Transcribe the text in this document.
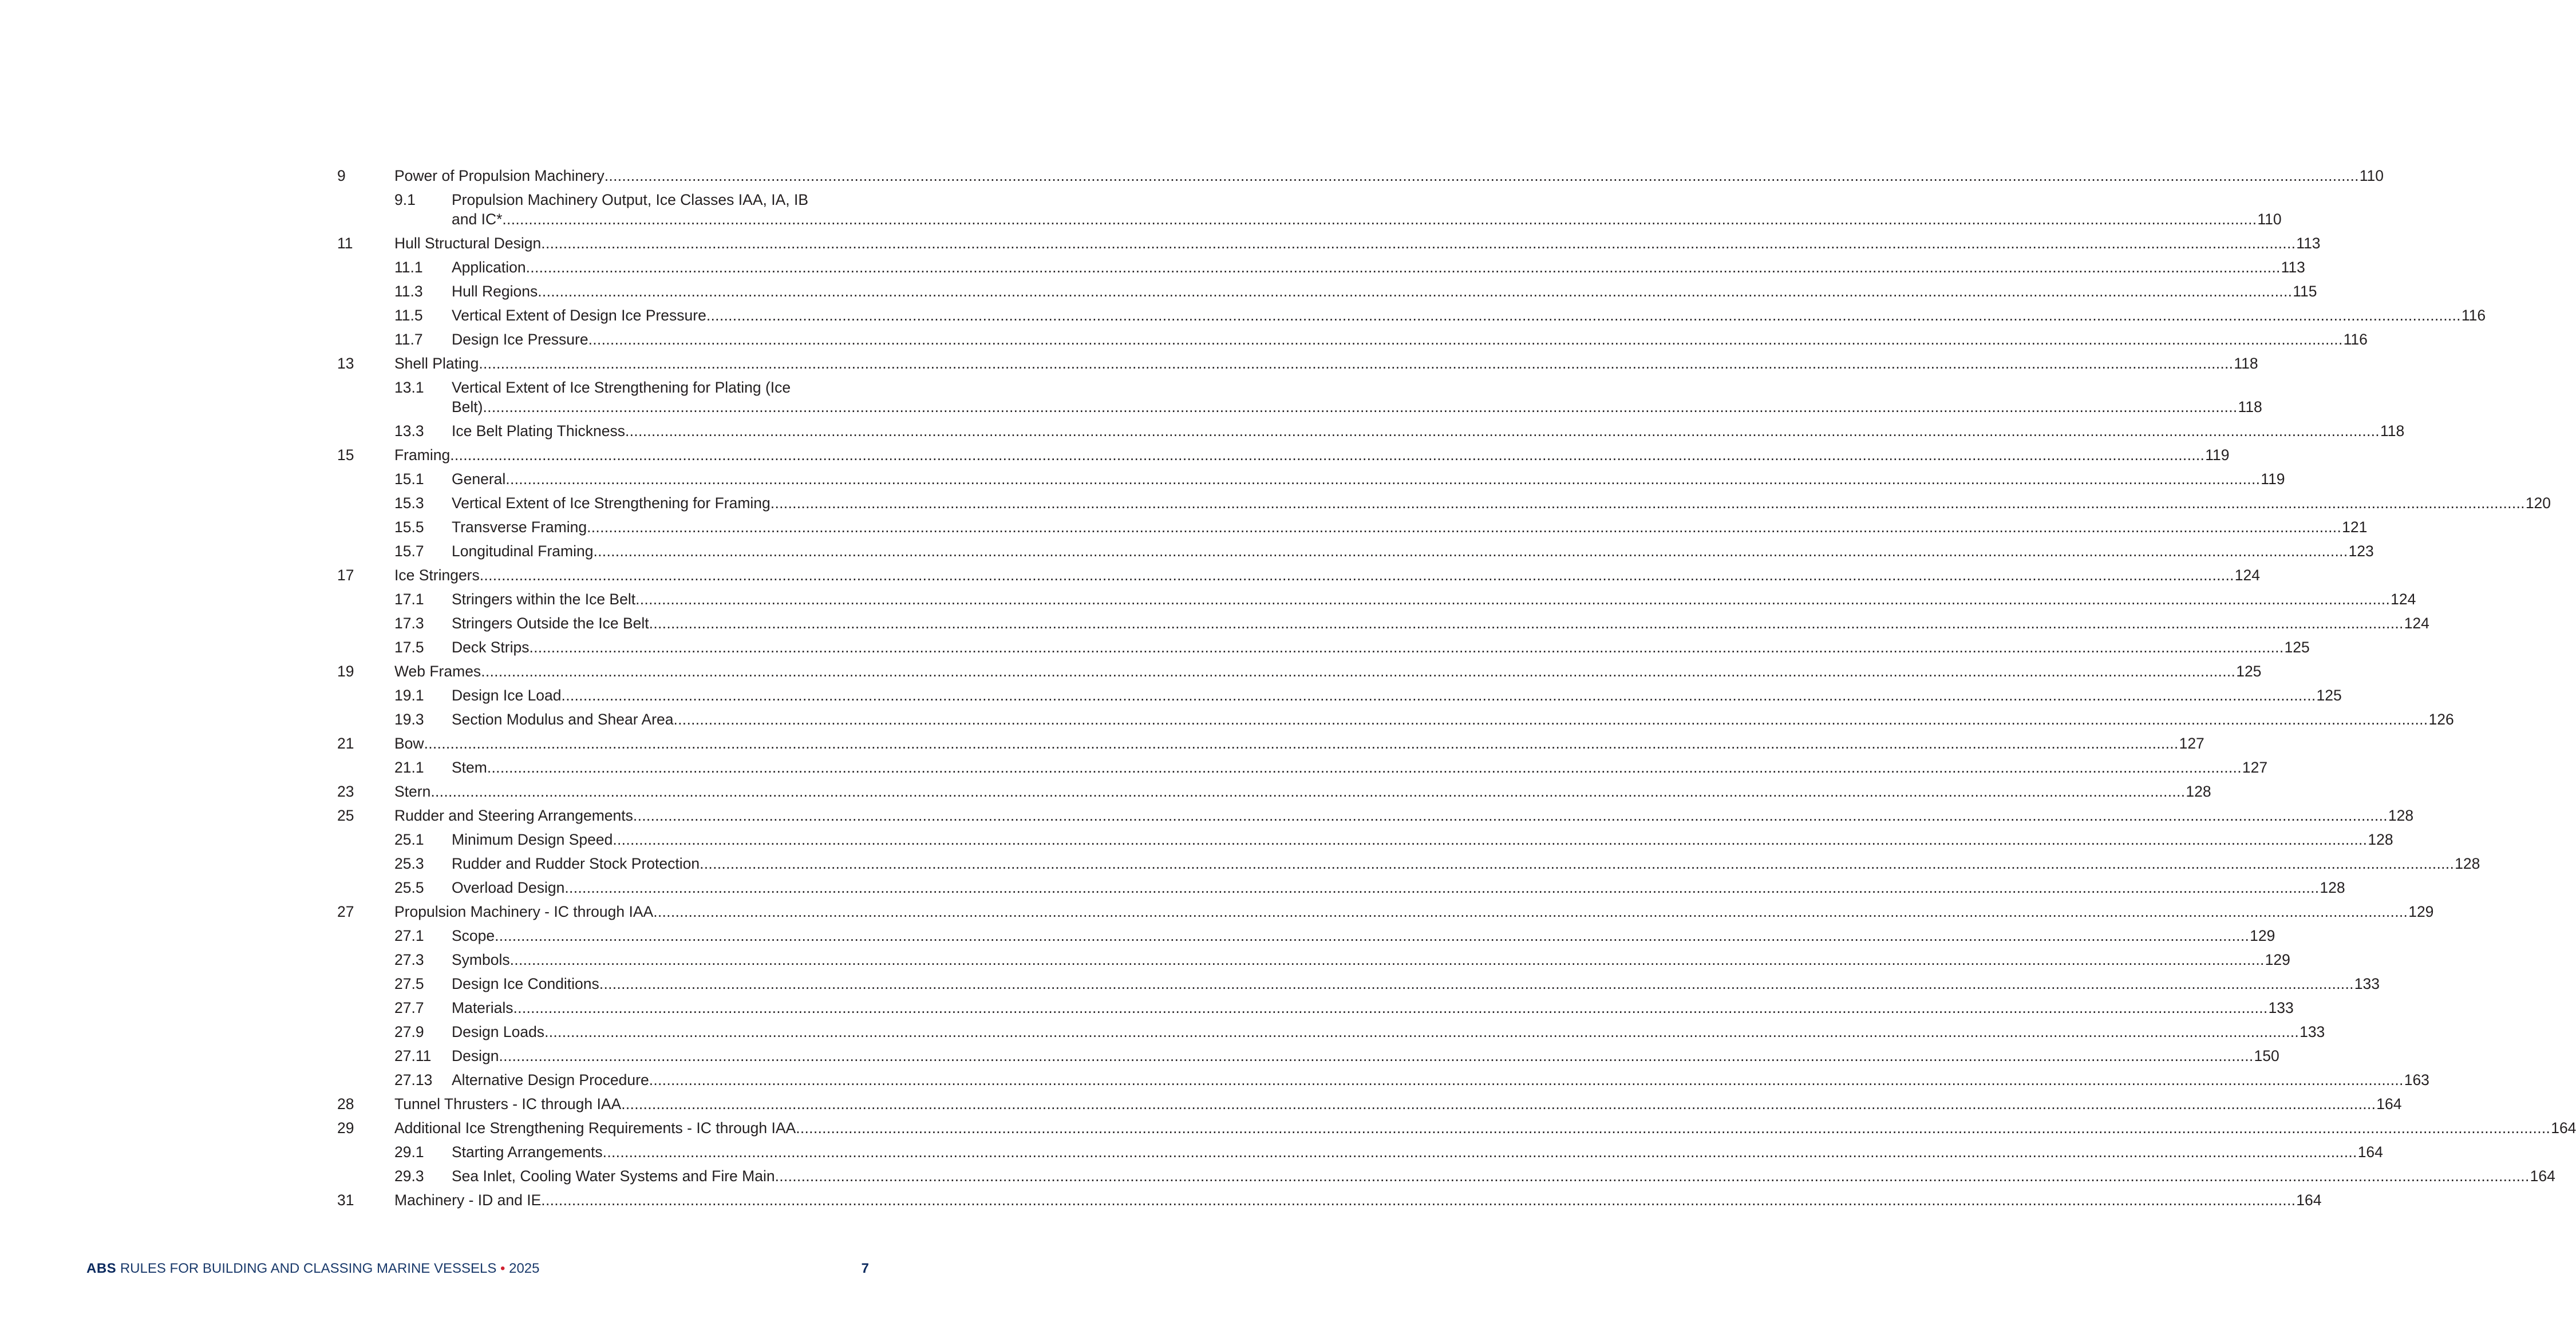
9	Power of Propulsion Machinery ................................................................................................................................................................................................................................................................................................................................................................................................................ 110
9.1 Propulsion Machinery Output, Ice Classes IAA, IA, IB
and IC* ................................................................................................................................................................................................................................................................................................................................................................................................................ 110
11	Hull Structural Design ................................................................................................................................................................................................................................................................................................................................................................................................................ 113
11.1 Application ................................................................................................................................................................................................................................................................................................................................................................................................................ 113
11.3 Hull Regions ................................................................................................................................................................................................................................................................................................................................................................................................................ 115
11.5 Vertical Extent of Design Ice Pressure ................................................................................................................................................................................................................................................................................................................................................................................................................ 116
11.7 Design Ice Pressure ................................................................................................................................................................................................................................................................................................................................................................................................................ 116
13	Shell Plating ................................................................................................................................................................................................................................................................................................................................................................................................................ 118
13.1 Vertical Extent of Ice Strengthening for Plating (Ice
Belt) ................................................................................................................................................................................................................................................................................................................................................................................................................ 118
13.3 Ice Belt Plating Thickness ................................................................................................................................................................................................................................................................................................................................................................................................................ 118
15	Framing ................................................................................................................................................................................................................................................................................................................................................................................................................ 119
15.1 General ................................................................................................................................................................................................................................................................................................................................................................................................................ 119
15.3 Vertical Extent of Ice Strengthening for Framing ................................................................................................................................................................................................................................................................................................................................................................................................................ 120
15.5 Transverse Framing ................................................................................................................................................................................................................................................................................................................................................................................................................ 121
15.7 Longitudinal Framing ................................................................................................................................................................................................................................................................................................................................................................................................................ 123
17	Ice Stringers ................................................................................................................................................................................................................................................................................................................................................................................................................ 124
17.1 Stringers within the Ice Belt ................................................................................................................................................................................................................................................................................................................................................................................................................ 124
17.3 Stringers Outside the Ice Belt ................................................................................................................................................................................................................................................................................................................................................................................................................ 124
17.5 Deck Strips ................................................................................................................................................................................................................................................................................................................................................................................................................ 125
19	Web Frames ................................................................................................................................................................................................................................................................................................................................................................................................................ 125
19.1 Design Ice Load ................................................................................................................................................................................................................................................................................................................................................................................................................ 125
19.3 Section Modulus and Shear Area ................................................................................................................................................................................................................................................................................................................................................................................................................ 126
21	Bow ................................................................................................................................................................................................................................................................................................................................................................................................................ 127
21.1 Stem ................................................................................................................................................................................................................................................................................................................................................................................................................ 127
23	Stern ................................................................................................................................................................................................................................................................................................................................................................................................................ 128
25	Rudder and Steering Arrangements ................................................................................................................................................................................................................................................................................................................................................................................................................ 128
25.1 Minimum Design Speed ................................................................................................................................................................................................................................................................................................................................................................................................................ 128
25.3 Rudder and Rudder Stock Protection ................................................................................................................................................................................................................................................................................................................................................................................................................ 128
25.5 Overload Design ................................................................................................................................................................................................................................................................................................................................................................................................................ 128
27	Propulsion Machinery - IC through IAA ................................................................................................................................................................................................................................................................................................................................................................................................................ 129
27.1 Scope ................................................................................................................................................................................................................................................................................................................................................................................................................ 129
27.3 Symbols ................................................................................................................................................................................................................................................................................................................................................................................................................ 129
27.5 Design Ice Conditions ................................................................................................................................................................................................................................................................................................................................................................................................................ 133
27.7 Materials ................................................................................................................................................................................................................................................................................................................................................................................................................ 133
27.9 Design Loads ................................................................................................................................................................................................................................................................................................................................................................................................................ 133
27.11 Design ................................................................................................................................................................................................................................................................................................................................................................................................................ 150
27.13 Alternative Design Procedure ................................................................................................................................................................................................................................................................................................................................................................................................................ 163
28	Tunnel Thrusters - IC through IAA ................................................................................................................................................................................................................................................................................................................................................................................................................ 164
29	Additional Ice Strengthening Requirements - IC through IAA ................................................................................................................................................................................................................................................................................................................................................................................................................ 164
29.1 Starting Arrangements ................................................................................................................................................................................................................................................................................................................................................................................................................ 164
29.3 Sea Inlet, Cooling Water Systems and Fire Main ................................................................................................................................................................................................................................................................................................................................................................................................................ 164
31	Machinery - ID and IE ................................................................................................................................................................................................................................................................................................................................................................................................................ 164
ABS RULES FOR BUILDING AND CLASSING MARINE VESSELS • 2025	7
